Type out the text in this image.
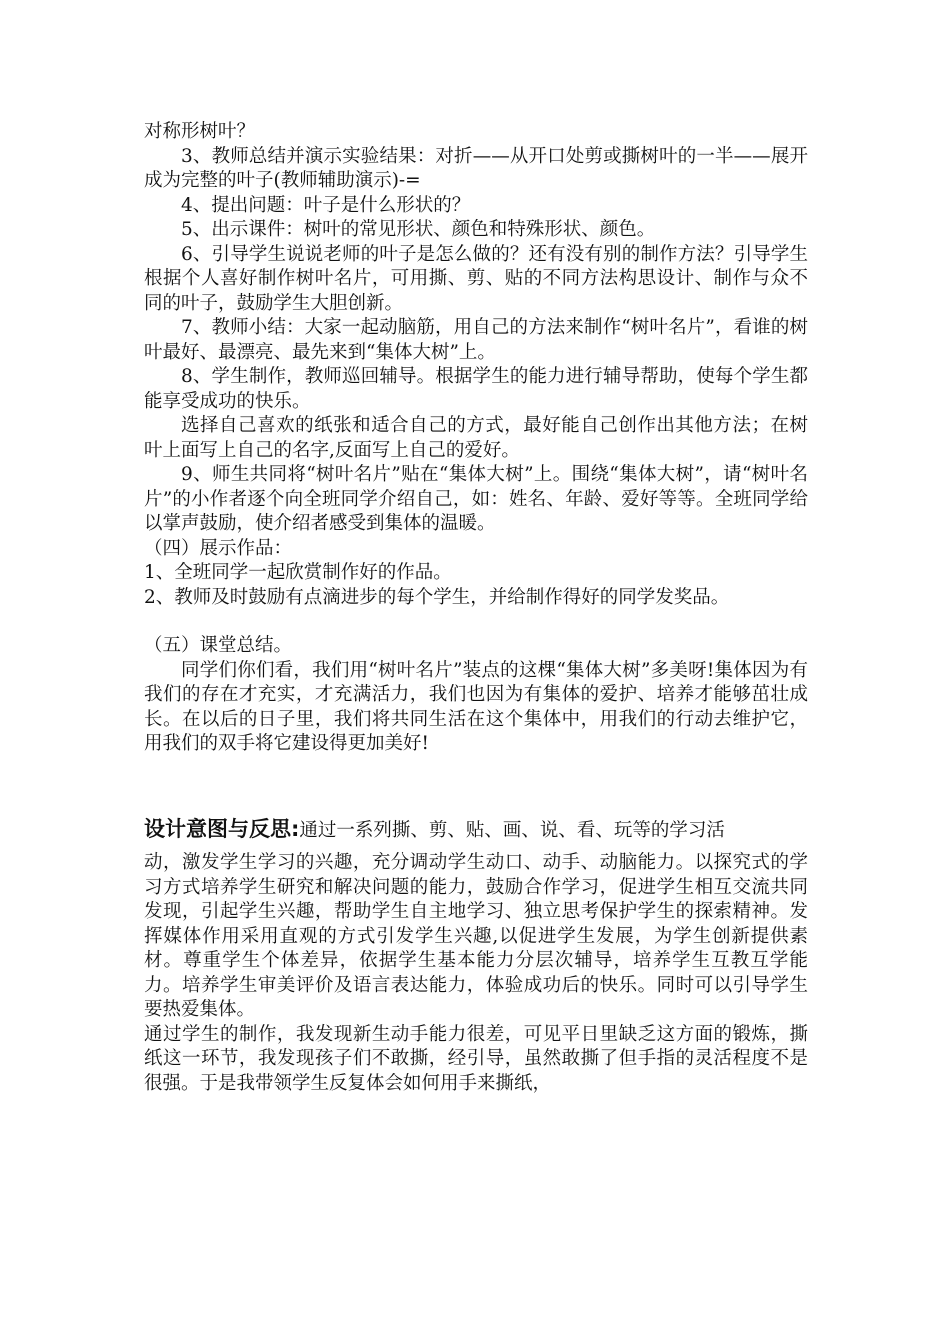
对称形树叶？

3、教师总结并演示实验结果：对折——从开口处剪或撕树叶的一半——展开成为完整的叶子(教师辅助演示)-=

4、提出问题：叶子是什么形状的？

5、出示课件：树叶的常见形状、颜色和特殊形状、颜色。

6、引导学生说说老师的叶子是怎么做的？还有没有别的制作方法？引导学生根据个人喜好制作树叶名片，可用撕、剪、贴的不同方法构思设计、制作与众不同的叶子，鼓励学生大胆创新。

7、教师小结：大家一起动脑筋，用自己的方法来制作“树叶名片”，看谁的树叶最好、最漂亮、最先来到“集体大树”上。

8、学生制作，教师巡回辅导。根据学生的能力进行辅导帮助，使每个学生都能享受成功的快乐。

选择自己喜欢的纸张和适合自己的方式，最好能自己创作出其他方法；在树叶上面写上自己的名字,反面写上自己的爱好。

9、师生共同将“树叶名片”贴在“集体大树”上。围绕“集体大树”，请“树叶名片”的小作者逐个向全班同学介绍自己，如：姓名、年龄、爱好等等。全班同学给以掌声鼓励，使介绍者感受到集体的温暖。

（四）展示作品：

1、全班同学一起欣赏制作好的作品。

2、教师及时鼓励有点滴进步的每个学生，并给制作得好的同学发奖品。

（五）课堂总结。

同学们你们看，我们用“树叶名片”装点的这棵“集体大树”多美呀!集体因为有我们的存在才充实，才充满活力，我们也因为有集体的爱护、培养才能够茁壮成长。在以后的日子里，我们将共同生活在这个集体中，用我们的行动去维护它，用我们的双手将它建设得更加美好!

设计意图与反思:通过一系列撕、剪、贴、画、说、看、玩等的学习活

动，激发学生学习的兴趣，充分调动学生动口、动手、动脑能力。以探究式的学习方式培养学生研究和解决问题的能力，鼓励合作学习，促进学生相互交流共同发现，引起学生兴趣，帮助学生自主地学习、独立思考保护学生的探索精神。发挥媒体作用采用直观的方式引发学生兴趣,以促进学生发展，为学生创新提供素材。尊重学生个体差异，依据学生基本能力分层次辅导，培养学生互教互学能力。培养学生审美评价及语言表达能力，体验成功后的快乐。同时可以引导学生要热爱集体。

通过学生的制作，我发现新生动手能力很差，可见平日里缺乏这方面的锻炼，撕纸这一环节，我发现孩子们不敢撕，经引导，虽然敢撕了但手指的灵活程度不是很强。于是我带领学生反复体会如何用手来撕纸，
